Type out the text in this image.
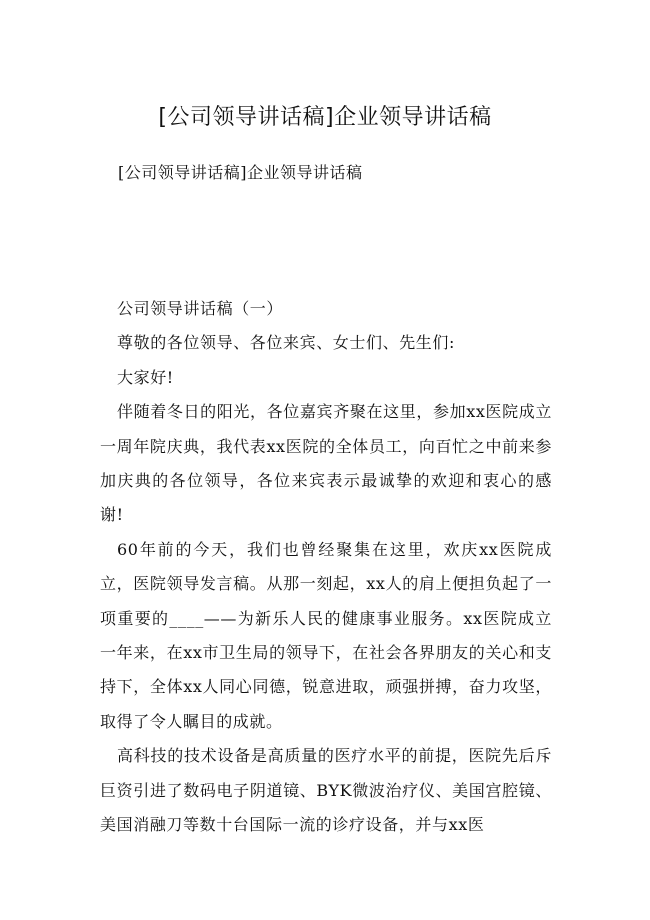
[公司领导讲话稿]企业领导讲话稿

[公司领导讲话稿]企业领导讲话稿

公司领导讲话稿（一）

尊敬的各位领导、各位来宾、女士们、先生们:

大家好!

伴随着冬日的阳光，各位嘉宾齐聚在这里，参加xx医院成立一周年院庆典，我代表xx医院的全体员工，向百忙之中前来参加庆典的各位领导，各位来宾表示最诚挚的欢迎和衷心的感谢!

60年前的今天，我们也曾经聚集在这里，欢庆xx医院成立，医院领导发言稿。从那一刻起，xx人的肩上便担负起了一项重要的____——为新乐人民的健康事业服务。xx医院成立一年来，在xx市卫生局的领导下，在社会各界朋友的关心和支持下，全体xx人同心同德，锐意进取，顽强拼搏，奋力攻坚，取得了令人瞩目的成就。

高科技的技术设备是高质量的医疗水平的前提，医院先后斥巨资引进了数码电子阴道镜、BYK微波治疗仪、美国宫腔镜、美国消融刀等数十台国际一流的诊疗设备，并与xx医
